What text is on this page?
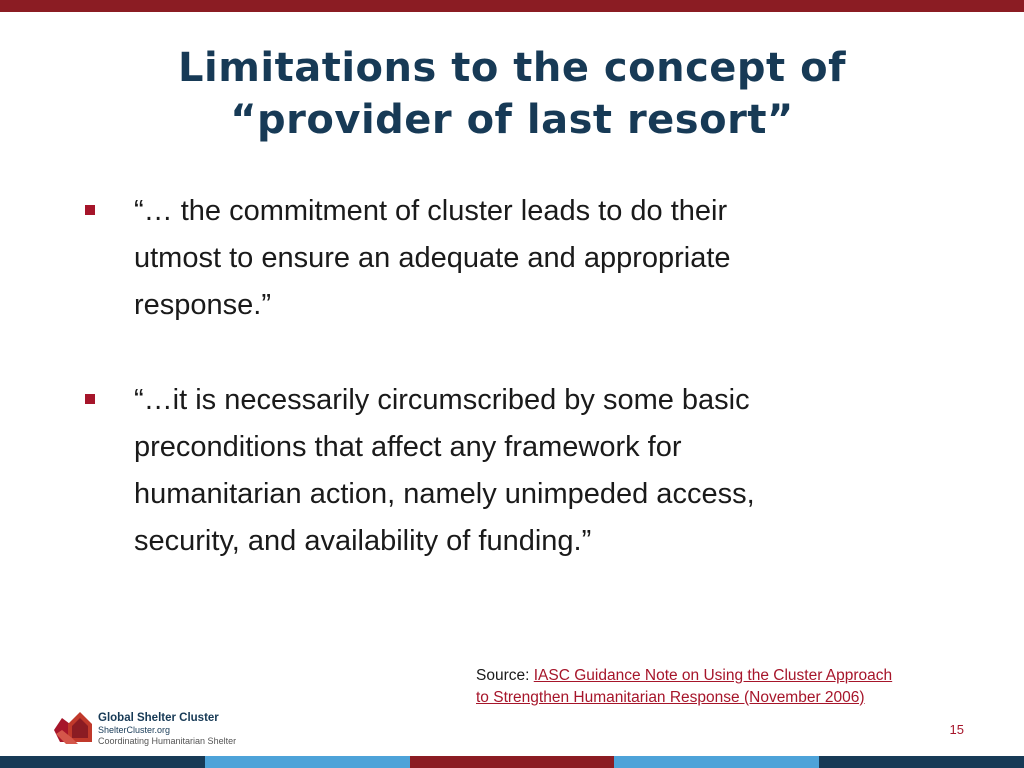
Limitations to the concept of
“provider of last resort”
“… the commitment of cluster leads to do their
utmost to ensure an adequate and appropriate
response.”
“…it is necessarily circumscribed by some basic
preconditions that affect any framework for
humanitarian action, namely unimpeded access,
security, and availability of funding.”
Source: IASC Guidance Note on Using the Cluster Approach
to Strengthen Humanitarian Response (November 2006)
Global Shelter Cluster
ShelterCluster.org
Coordinating Humanitarian Shelter
15
